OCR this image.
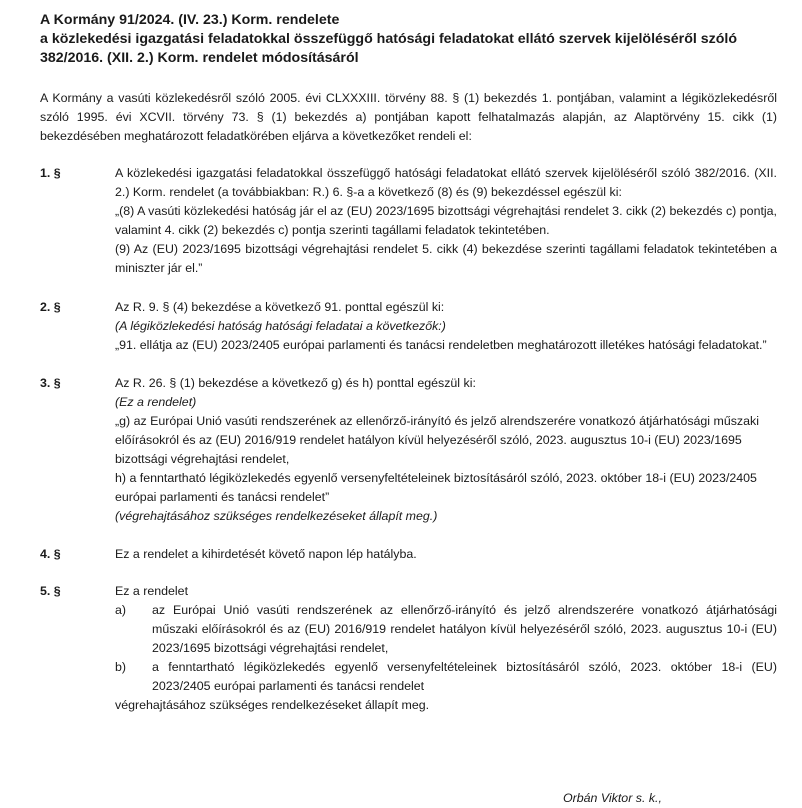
A Kormány 91/2024. (IV. 23.) Korm. rendelete
a közlekedési igazgatási feladatokkal összefüggő hatósági feladatokat ellátó szervek kijelöléséről szóló
382/2016. (XII. 2.) Korm. rendelet módosításáról
A Kormány a vasúti közlekedésről szóló 2005. évi CLXXXIII. törvény 88. § (1) bekezdés 1. pontjában, valamint a légiközlekedésről szóló 1995. évi XCVII. törvény 73. § (1) bekezdés a) pontjában kapott felhatalmazás alapján, az Alaptörvény 15. cikk (1) bekezdésében meghatározott feladatkörében eljárva a következőket rendeli el:
1. §	A közlekedési igazgatási feladatokkal összefüggő hatósági feladatokat ellátó szervek kijelöléséről szóló 382/2016. (XII. 2.) Korm. rendelet (a továbbiakban: R.) 6. §-a a következő (8) és (9) bekezdéssel egészül ki:
„(8) A vasúti közlekedési hatóság jár el az (EU) 2023/1695 bizottsági végrehajtási rendelet 3. cikk (2) bekezdés c) pontja, valamint 4. cikk (2) bekezdés c) pontja szerinti tagállami feladatok tekintetében.
(9) Az (EU) 2023/1695 bizottsági végrehajtási rendelet 5. cikk (4) bekezdése szerinti tagállami feladatok tekintetében a miniszter jár el.”
2. §	Az R. 9. § (4) bekezdése a következő 91. ponttal egészül ki:
(A légiközlekedési hatóság hatósági feladatai a következők:)
„91. ellátja az (EU) 2023/2405 európai parlamenti és tanácsi rendeletben meghatározott illetékes hatósági feladatokat.”
3. §	Az R. 26. § (1) bekezdése a következő g) és h) ponttal egészül ki:
(Ez a rendelet)
„g) az Európai Unió vasúti rendszerének az ellenőrző-irányító és jelző alrendszerére vonatkozó átjárhatósági műszaki előírásokról és az (EU) 2016/919 rendelet hatályon kívül helyezéséről szóló, 2023. augusztus 10-i (EU) 2023/1695 bizottsági végrehajtási rendelet,
h) a fenntartható légiközlekedés egyenlő versenyfeltételeinek biztosításáról szóló, 2023. október 18-i (EU) 2023/2405 európai parlamenti és tanácsi rendelet”
(végrehajtásához szükséges rendelkezéseket állapít meg.)
4. §	Ez a rendelet a kihirdetését követő napon lép hatályba.
5. §	Ez a rendelet
a)	az Európai Unió vasúti rendszerének az ellenőrző-irányító és jelző alrendszerére vonatkozó átjárhatósági műszaki előírásokról és az (EU) 2016/919 rendelet hatályon kívül helyezéséről szóló, 2023. augusztus 10-i (EU) 2023/1695 bizottsági végrehajtási rendelet,
b)	a fenntartható légiközlekedés egyenlő versenyfeltételeinek biztosításáról szóló, 2023. október 18-i (EU) 2023/2405 európai parlamenti és tanácsi rendelet
végrehajtásához szükséges rendelkezéseket állapít meg.
Orbán Viktor s. k.,
